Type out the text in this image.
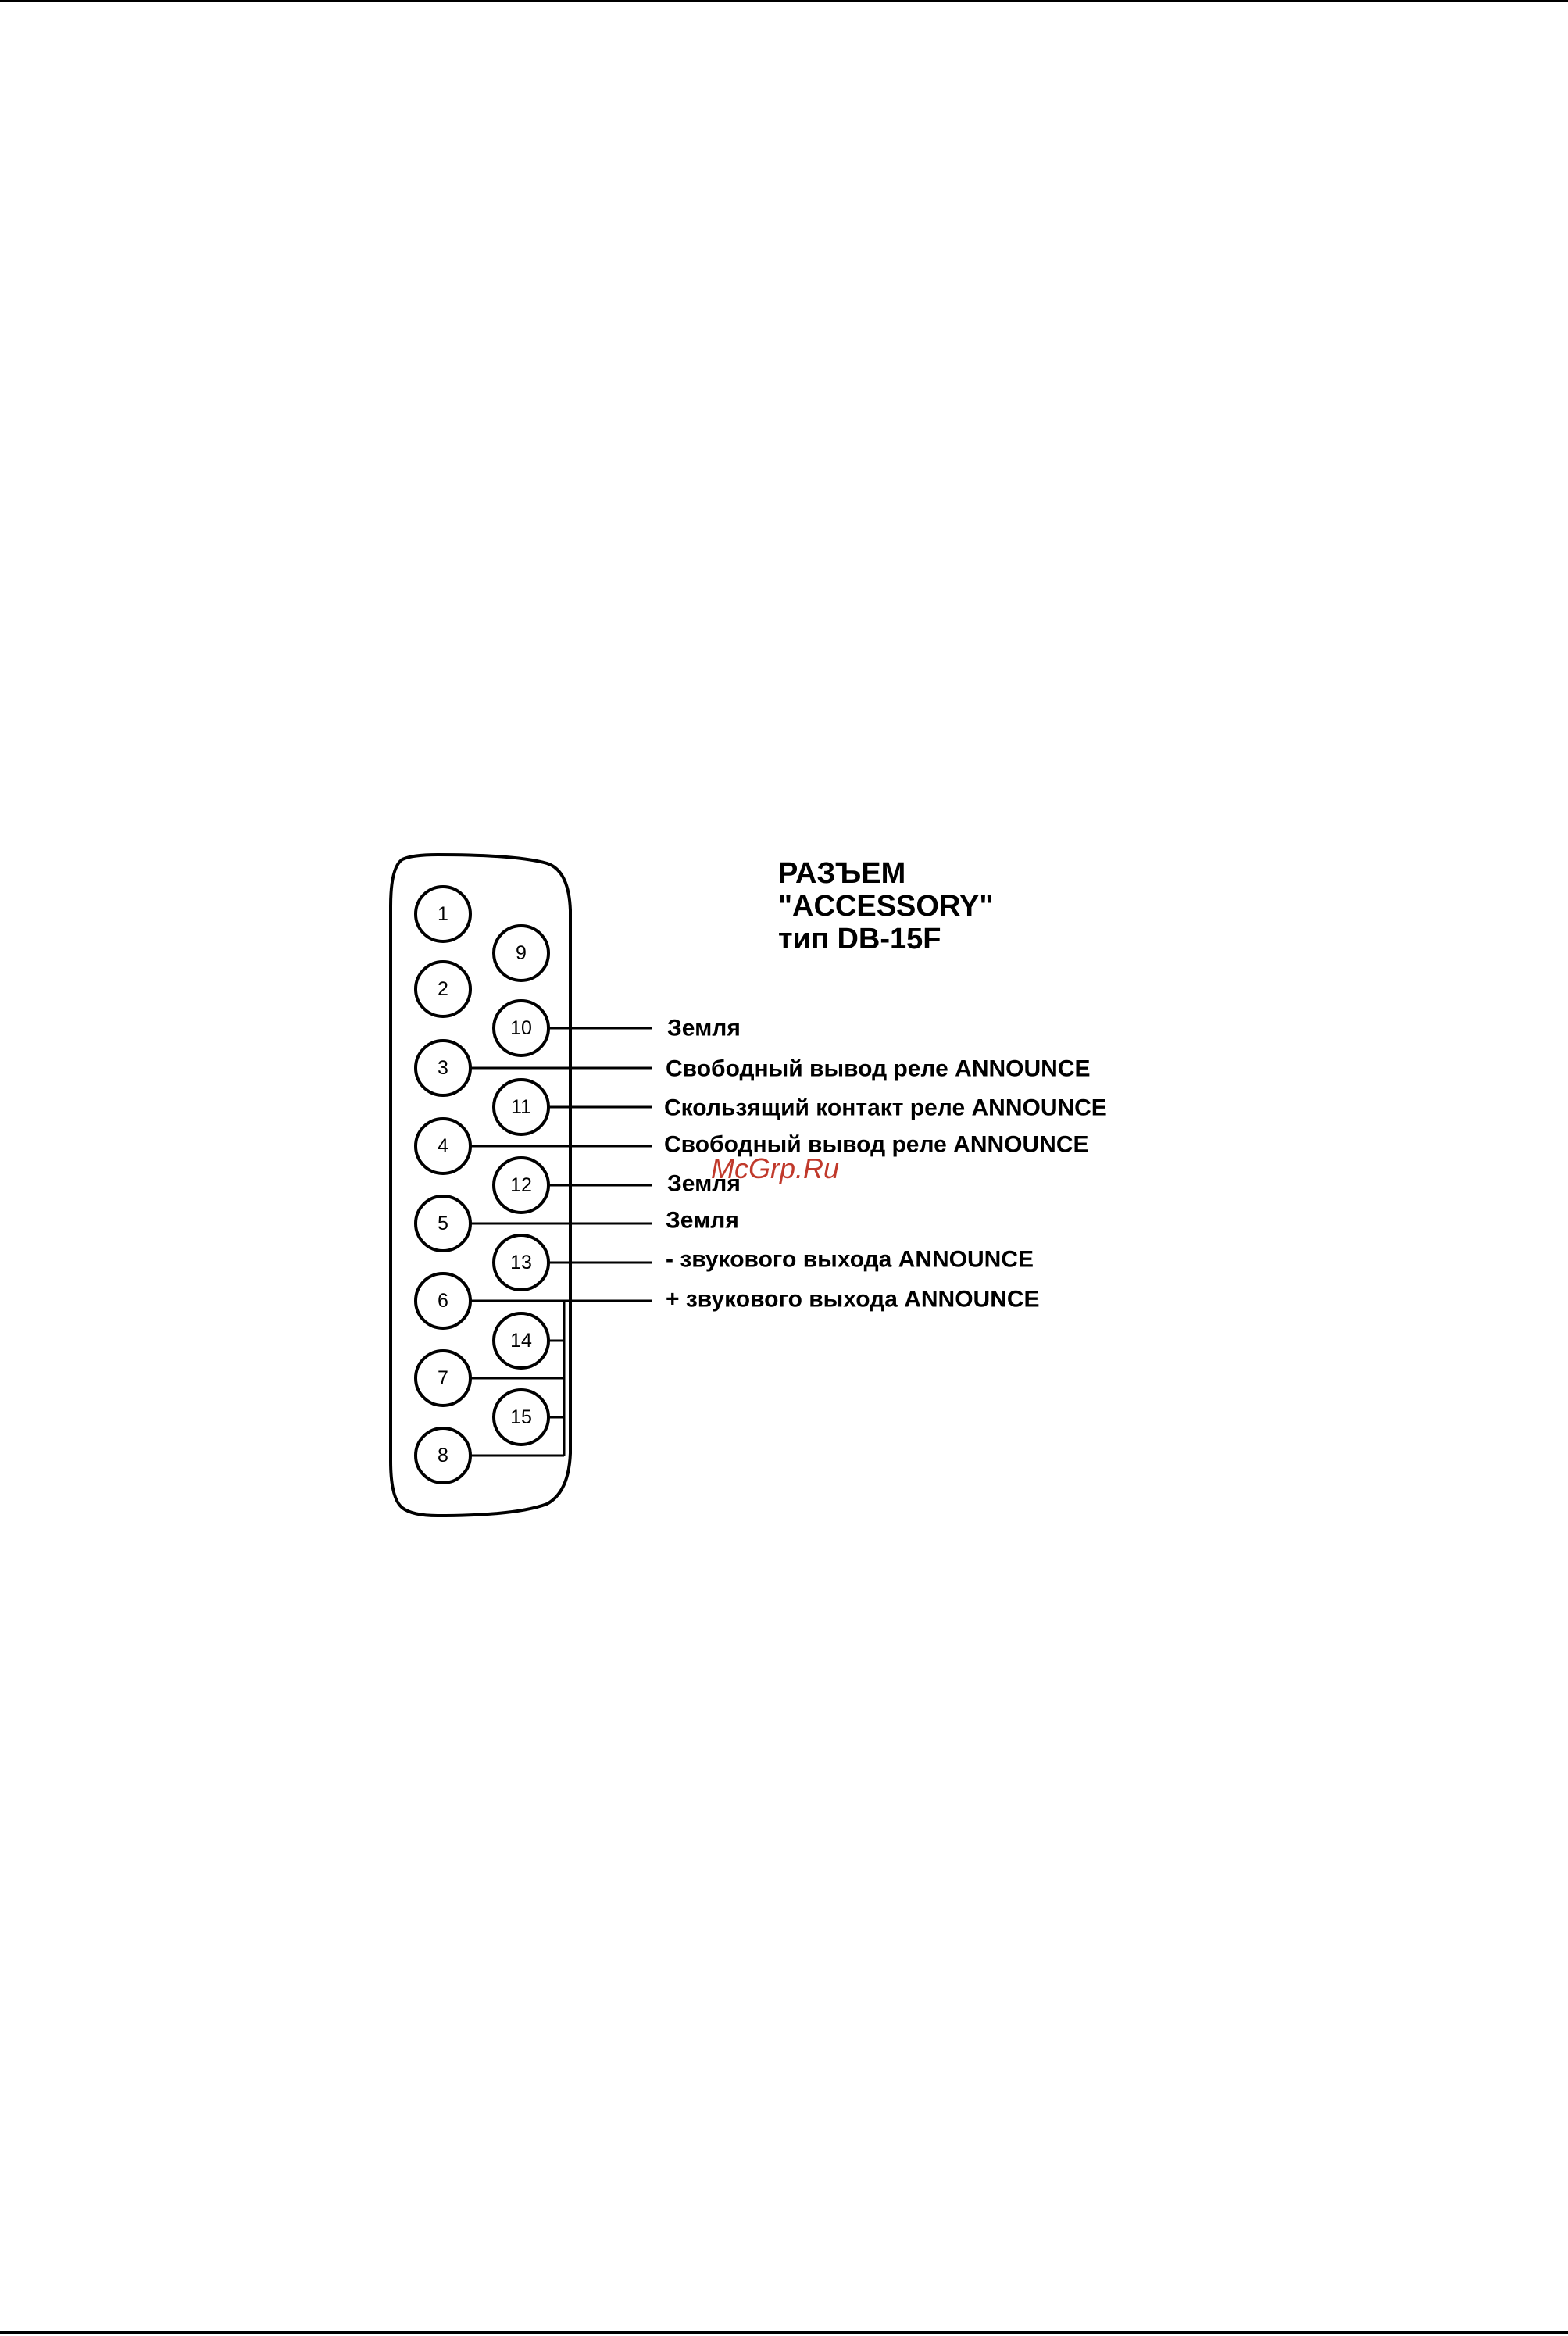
РАЗЪЕМ
"ACCESSORY"
тип DB-15F
1
2
3
4
5
6
7
8
9
10
11
12
13
14
15
Земля
Свободный вывод реле ANNOUNCE
Скользящий контакт реле ANNOUNCE
Свободный вывод реле ANNOUNCE
Земля
Земля
- звукового выхода ANNOUNCE
+ звукового выхода ANNOUNCE
McGrp.Ru
